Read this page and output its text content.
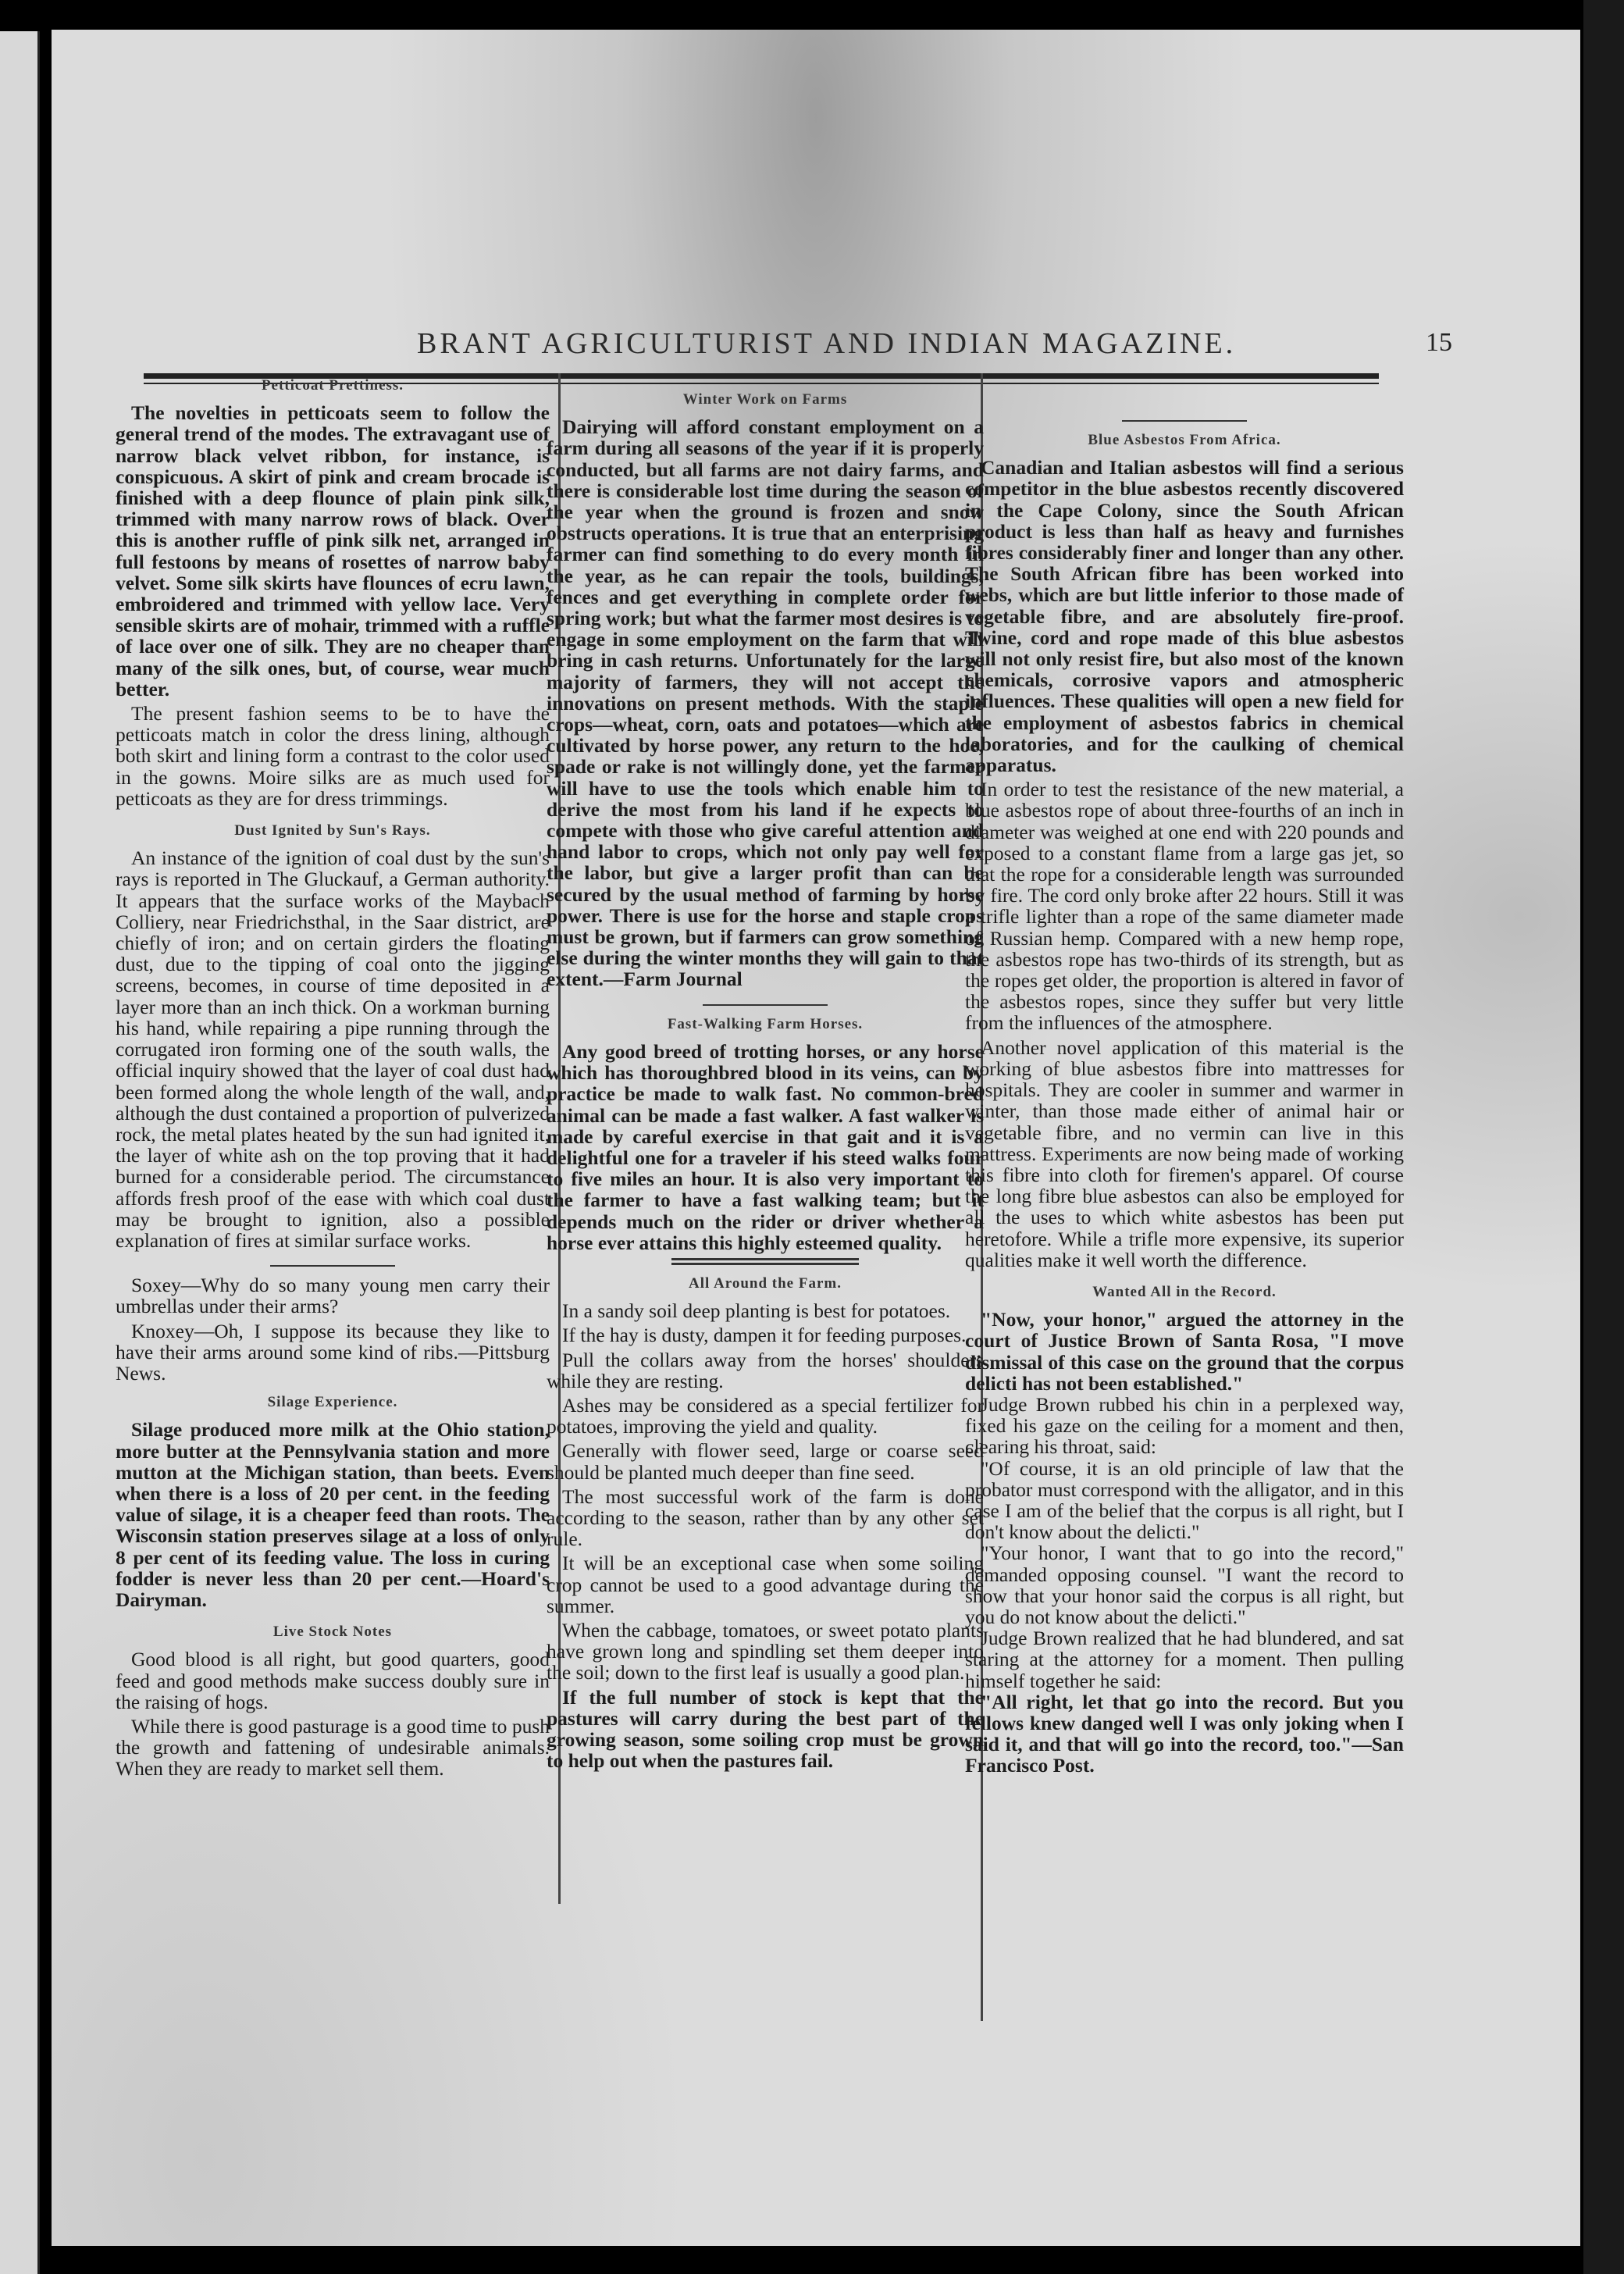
BRANT AGRICULTURIST AND INDIAN MAGAZINE.	15
Petticoat Prettiness.

The novelties in petticoats seem to follow the general trend of the modes. The extravagant use of narrow black velvet ribbon, for instance, is conspicuous. A skirt of pink and cream brocade is finished with a deep flounce of plain pink silk, trimmed with many narrow rows of black. Over this is another ruffle of pink silk net, arranged in full festoons by means of rosettes of narrow baby velvet. Some silk skirts have flounces of ecru lawn, embroidered and trimmed with yellow lace. Very sensible skirts are of mohair, trimmed with a ruffle of lace over one of silk. They are no cheaper than many of the silk ones, but, of course, wear much better.

The present fashion seems to be to have the petticoats match in color the dress lining, although both skirt and lining form a contrast to the color used in the gowns. Moire silks are as much used for petticoats as they are for dress trimmings.

Dust Ignited by Sun's Rays.

An instance of the ignition of coal dust by the sun's rays is reported in The Gluckauf, a German authority. It appears that the surface works of the Maybach Colliery, near Friedrichsthal, in the Saar district, are chiefly of iron; and on certain girders the floating dust, due to the tipping of coal onto the jigging screens, becomes, in course of time deposited in a layer more than an inch thick. On a workman burning his hand, while repairing a pipe running through the corrugated iron forming one of the south walls, the official inquiry showed that the layer of coal dust had been formed along the whole length of the wall, and, although the dust contained a proportion of pulverized rock, the metal plates heated by the sun had ignited it, the layer of white ash on the top proving that it had burned for a considerable period. The circumstance affords fresh proof of the ease with which coal dust may be brought to ignition, also a possible explanation of fires at similar surface works.

Soxey—Why do so many young men carry their umbrellas under their arms?

Knoxey—Oh, I suppose its because they like to have their arms around some kind of ribs.—Pittsburg News.

Silage Experience.

Silage produced more milk at the Ohio station, more butter at the Pennsylvania station and more mutton at the Michigan station, than beets. Even when there is a loss of 20 per cent. in the feeding value of silage, it is a cheaper feed than roots. The Wisconsin station preserves silage at a loss of only 8 per cent of its feeding value. The loss in curing fodder is never less than 20 per cent.—Hoard's Dairyman.

Live Stock Notes

Good blood is all right, but good quarters, good feed and good methods make success doubly sure in the raising of hogs.

While there is good pasturage is a good time to push the growth and fattening of undesirable animals. When they are ready to market sell them.

Winter Work on Farms

Dairying will afford constant employment on a farm during all seasons of the year if it is properly conducted, but all farms are not dairy farms, and there is considerable lost time during the season of the year when the ground is frozen and snow obstructs operations. It is true that an enterprising farmer can find something to do every month in the year, as he can repair the tools, buildings, fences and get everything in complete order for spring work; but what the farmer most desires is to engage in some employment on the farm that will bring in cash returns. Unfortunately for the large majority of farmers, they will not accept the innovations on present methods. With the staple crops—wheat, corn, oats and potatoes—which are cultivated by horse power, any return to the hoe, spade or rake is not willingly done, yet the farmer will have to use the tools which enable him to derive the most from his land if he expects to compete with those who give careful attention and hand labor to crops, which not only pay well for the labor, but give a larger profit than can be secured by the usual method of farming by horse power. There is use for the horse and staple crops must be grown, but if farmers can grow something else during the winter months they will gain to that extent.—Farm Journal

Fast-Walking Farm Horses.

Any good breed of trotting horses, or any horse which has thoroughbred blood in its veins, can by practice be made to walk fast. No common-bred animal can be made a fast walker. A fast walker is made by careful exercise in that gait and it is a delightful one for a traveler if his steed walks four to five miles an hour. It is also very important to the farmer to have a fast walking team; but it depends much on the rider or driver whether a horse ever attains this highly esteemed quality.

All Around the Farm.

In a sandy soil deep planting is best for potatoes.

If the hay is dusty, dampen it for feeding purposes.

Pull the collars away from the horses' shoulders while they are resting.

Ashes may be considered as a special fertilizer for potatoes, improving the yield and quality.

Generally with flower seed, large or coarse seed should be planted much deeper than fine seed.

The most successful work of the farm is done according to the season, rather than by any other set rule.

It will be an exceptional case when some soiling crop cannot be used to a good advantage during the summer.

When the cabbage, tomatoes, or sweet potato plants have grown long and spindling set them deeper into the soil; down to the first leaf is usually a good plan.

If the full number of stock is kept that the pastures will carry during the best part of the growing season, some soiling crop must be grown to help out when the pastures fail.

Blue Asbestos From Africa.

Canadian and Italian asbestos will find a serious competitor in the blue asbestos recently discovered in the Cape Colony, since the South African product is less than half as heavy and furnishes fibres considerably finer and longer than any other. The South African fibre has been worked into webs, which are but little inferior to those made of vegetable fibre, and are absolutely fire-proof. Twine, cord and rope made of this blue asbestos will not only resist fire, but also most of the known chemicals, corrosive vapors and atmospheric influences. These qualities will open a new field for the employment of asbestos fabrics in chemical laboratories, and for the caulking of chemical apparatus.

In order to test the resistance of the new material, a blue asbestos rope of about three-fourths of an inch in diameter was weighed at one end with 220 pounds and exposed to a constant flame from a large gas jet, so that the rope for a considerable length was surrounded by fire. The cord only broke after 22 hours. Still it was a trifle lighter than a rope of the same diameter made of Russian hemp. Compared with a new hemp rope, the asbestos rope has two-thirds of its strength, but as the ropes get older, the proportion is altered in favor of the asbestos ropes, since they suffer but very little from the influences of the atmosphere.

Another novel application of this material is the working of blue asbestos fibre into mattresses for hospitals. They are cooler in summer and warmer in winter, than those made either of animal hair or vegetable fibre, and no vermin can live in this mattress. Experiments are now being made of working this fibre into cloth for firemen's apparel. Of course the long fibre blue asbestos can also be employed for all the uses to which white asbestos has been put heretofore. While a trifle more expensive, its superior qualities make it well worth the difference.

Wanted All in the Record.

"Now, your honor," argued the attorney in the court of Justice Brown of Santa Rosa, "I move dismissal of this case on the ground that the corpus delicti has not been established."

Judge Brown rubbed his chin in a perplexed way, fixed his gaze on the ceiling for a moment and then, clearing his throat, said:

"Of course, it is an old principle of law that the probator must correspond with the alligator, and in this case I am of the belief that the corpus is all right, but I don't know about the delicti."

"Your honor, I want that to go into the record," demanded opposing counsel. "I want the record to show that your honor said the corpus is all right, but you do not know about the delicti."

Judge Brown realized that he had blundered, and sat staring at the attorney for a moment. Then pulling himself together he said:

"All right, let that go into the record. But you fellows knew danged well I was only joking when I said it, and that will go into the record, too."—San Francisco Post.
